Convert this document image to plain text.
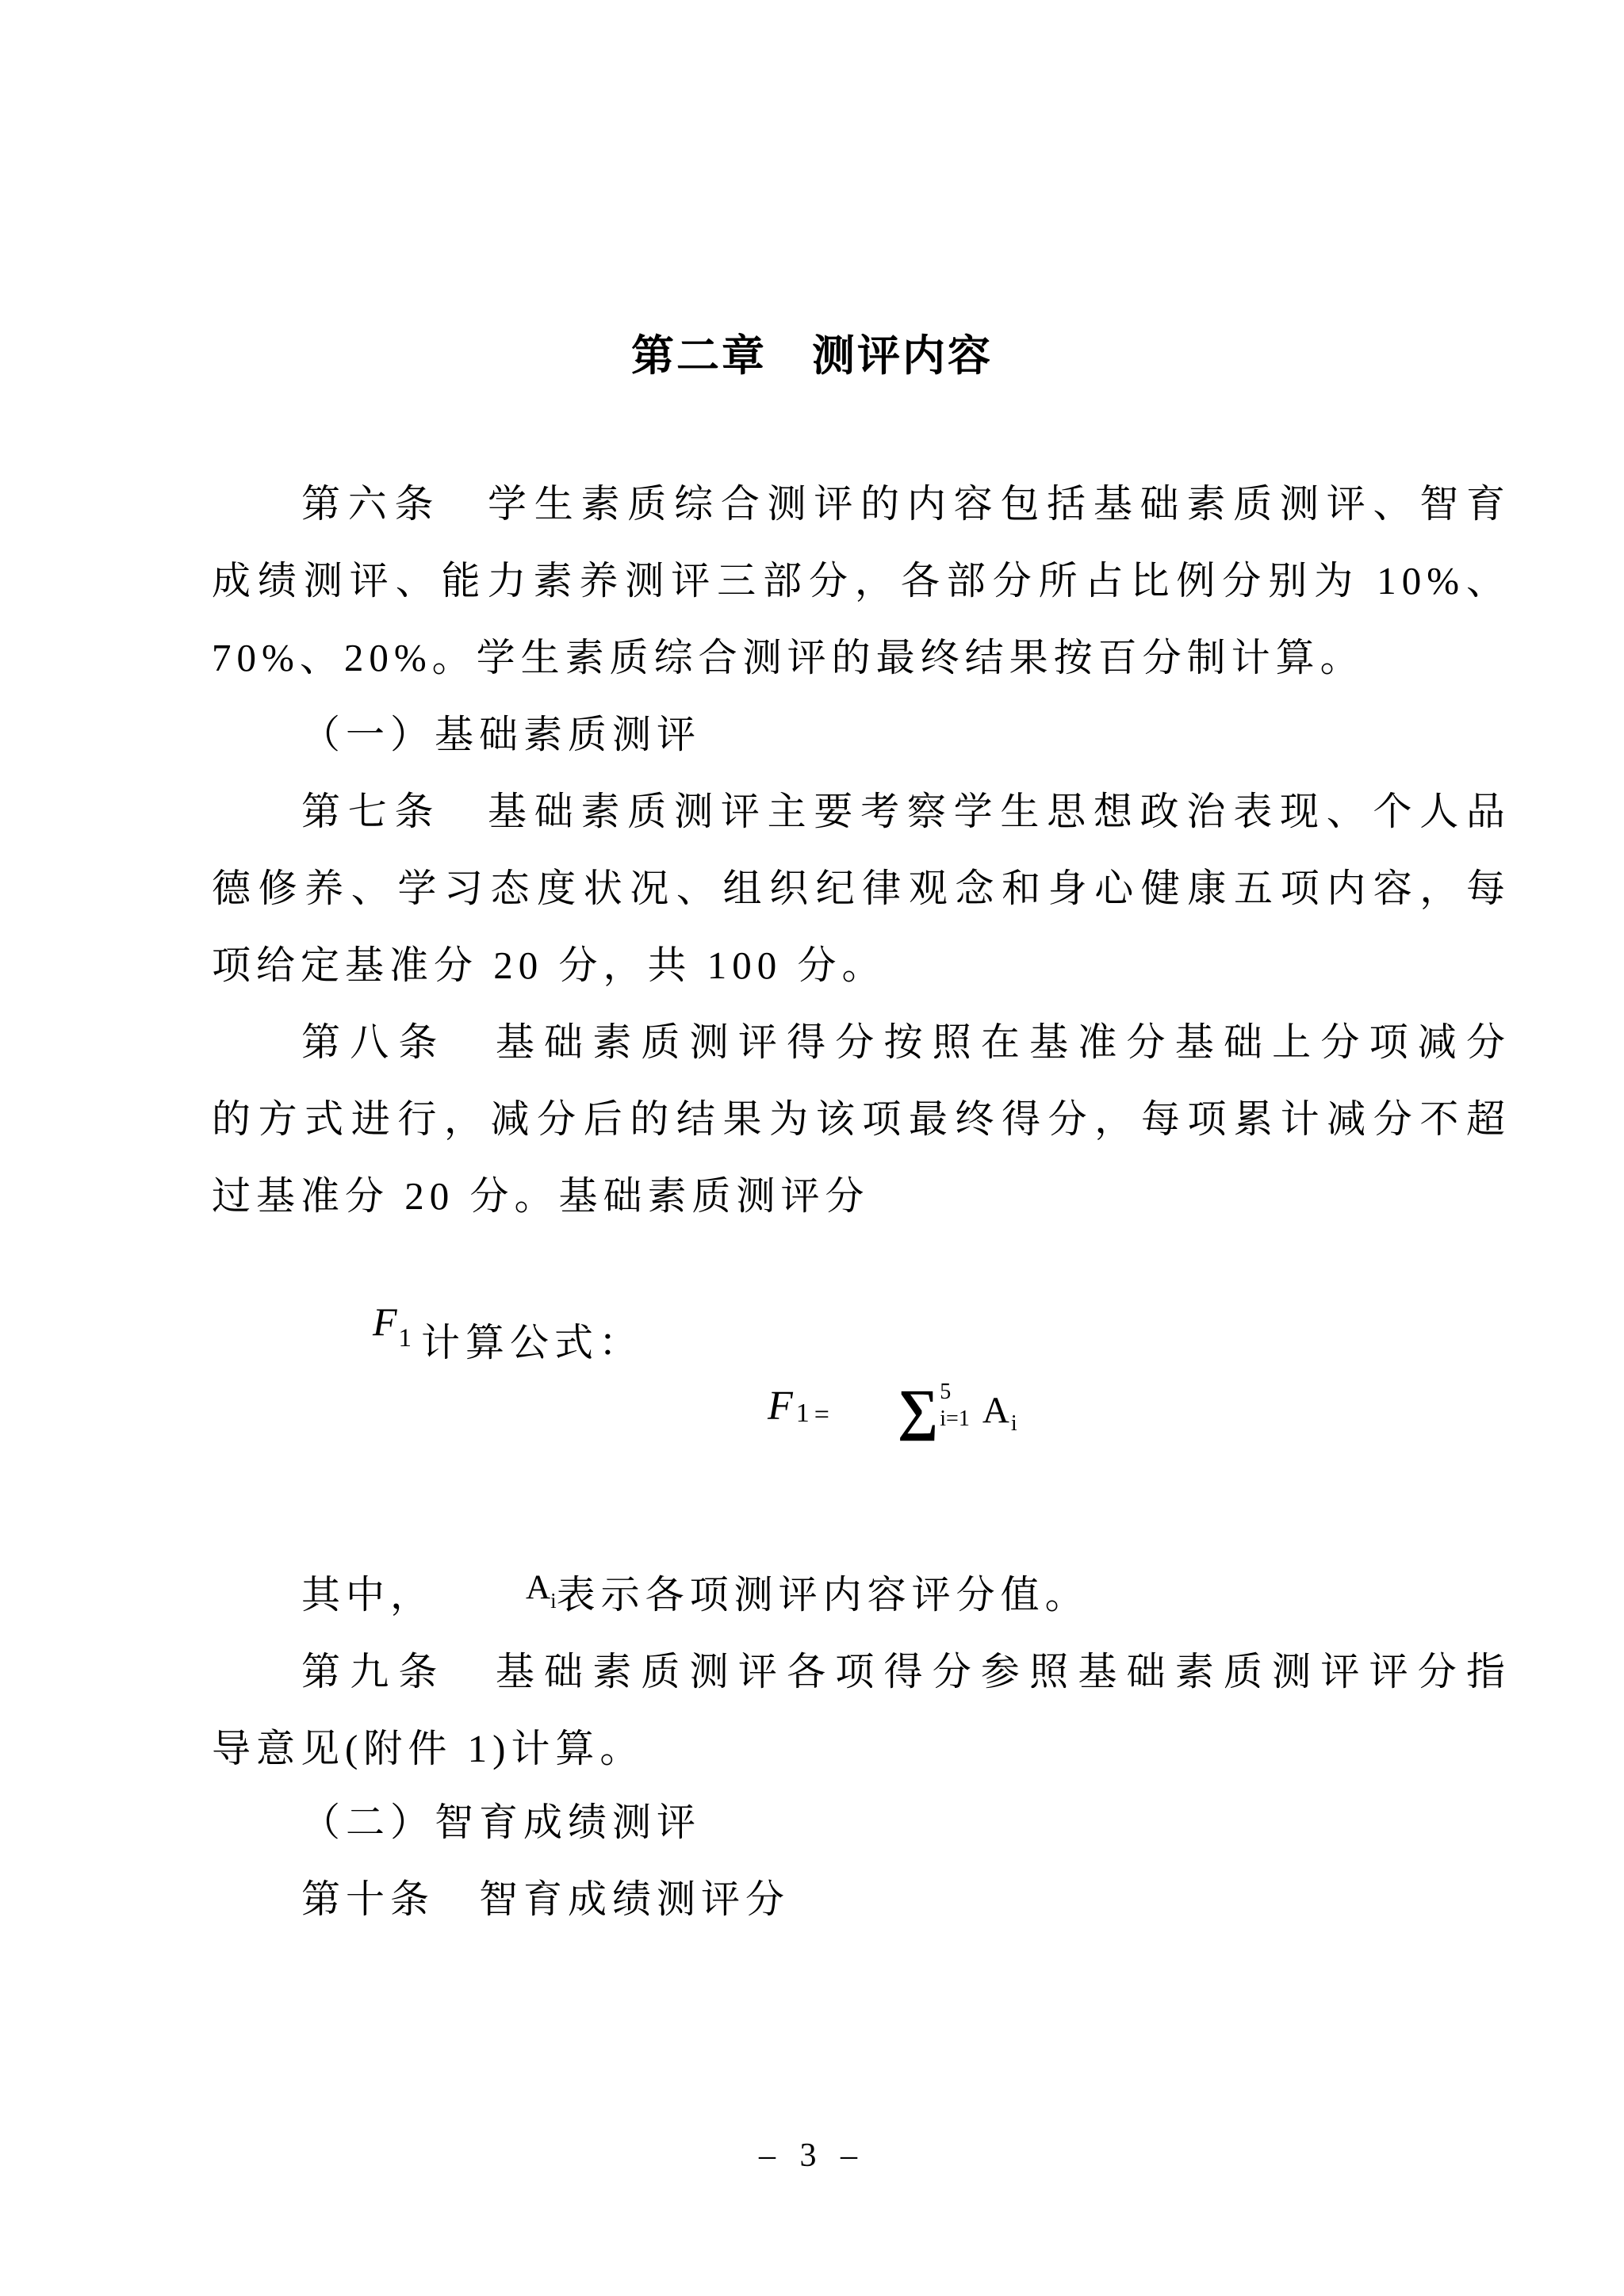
第二章　测评内容
第六条　学生素质综合测评的内容包括基础素质测评、智育
成绩测评、能力素养测评三部分，各部分所占比例分别为 10%、
70%、20%。学生素质综合测评的最终结果按百分制计算。
（一）基础素质测评
第七条　基础素质测评主要考察学生思想政治表现、个人品
德修养、学习态度状况、组织纪律观念和身心健康五项内容，每
项给定基准分 20 分，共 100 分。
第八条　基础素质测评得分按照在基准分基础上分项减分
的方式进行，减分后的结果为该项最终得分，每项累计减分不超
过基准分 20 分。基础素质测评分
F1 计算公式：
F 1 = ∑ 5
i=1 $A_i$
其中，	Ai表示各项测评内容评分值。
第九条　基础素质测评各项得分参照基础素质测评评分指
导意见(附件 1)计算。
（二）智育成绩测评
第十条　智育成绩测评分
– 3 –
